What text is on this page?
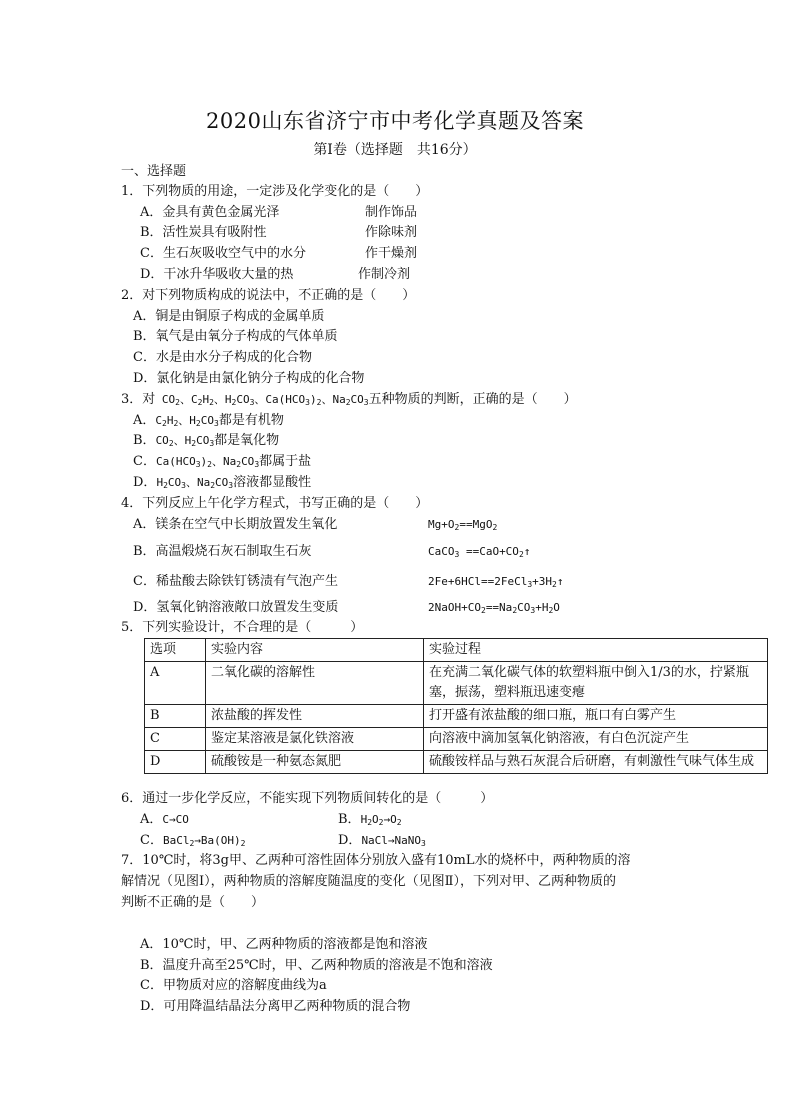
2020山东省济宁市中考化学真题及答案
第Ⅰ卷（选择题　共16分）
一、选择题
1．下列物质的用途，一定涉及化学变化的是（　　）
A．金具有黄色金属光泽	制作饰品
B．活性炭具有吸附性	作除味剂
C．生石灰吸收空气中的水分	作干燥剂
D．干冰升华吸收大量的热	作制冷剂
2．对下列物质构成的说法中，不正确的是（　　）
A．铜是由铜原子构成的金属单质
B．氧气是由氧分子构成的气体单质
C．水是由水分子构成的化合物
D．氯化钠是由氯化钠分子构成的化合物
3．对 $CO_2$、$C_2H_2$、$H_2CO_3$、$Ca(HCO_3)_2$、$Na_2CO_3$五种物质的判断，正确的是（　　）
A．$C_2H_2$、$H_2CO_3$都是有机物
B．$CO_2$、$H_2CO_3$都是氧化物
C．$Ca(HCO_3)_2$、$Na_2CO_3$都属于盐
D．$H_2CO_3$、$Na_2CO_3$溶液都显酸性
4．下列反应上午化学方程式，书写正确的是（　　）
A．镁条在空气中长期放置发生氧化	$Mg+O_2==MgO_2$
B．高温煅烧石灰石制取生石灰	CaCO$_3$ $==CaO+CO_2↑$
C．稀盐酸去除铁钉锈渍有气泡产生	$2Fe+6HCl==2FeCl_3+3H_2↑$
D．氢氧化钠溶液敞口放置发生变质	$2NaOH+CO_2==Na_2CO_3+H_2O$
5．下列实验设计，不合理的是（　　　）
选项	实验内容	实验过程
A	二氧化碳的溶解性	在充满二氧化碳气体的软塑料瓶中倒入1/3的水，拧紧瓶塞，振荡，塑料瓶迅速变瘪
B	浓盐酸的挥发性	打开盛有浓盐酸的细口瓶，瓶口有白雾产生
C	鉴定某溶液是氯化铁溶液	向溶液中滴加氢氧化钠溶液，有白色沉淀产生
D	硫酸铵是一种氨态氮肥	硫酸铵样品与熟石灰混合后研磨，有刺激性气味气体生成
6．通过一步化学反应，不能实现下列物质间转化的是（　　　）
A．C→CO	B．$H_2O_2\to O_2$
C．$BaCl_2\to Ba(OH)_2$	D．NaCl→NaNO$_3$
7．10℃时，将3g甲、乙两种可溶性固体分别放入盛有10mL水的烧杯中，两种物质的溶
解情况（见图Ⅰ），两种物质的溶解度随温度的变化（见图Ⅱ），下列对甲、乙两种物质的
判断不正确的是（　　）
A．10℃时，甲、乙两种物质的溶液都是饱和溶液
B．温度升高至25℃时，甲、乙两种物质的溶液是不饱和溶液
C．甲物质对应的溶解度曲线为a
D．可用降温结晶法分离甲乙两种物质的混合物
